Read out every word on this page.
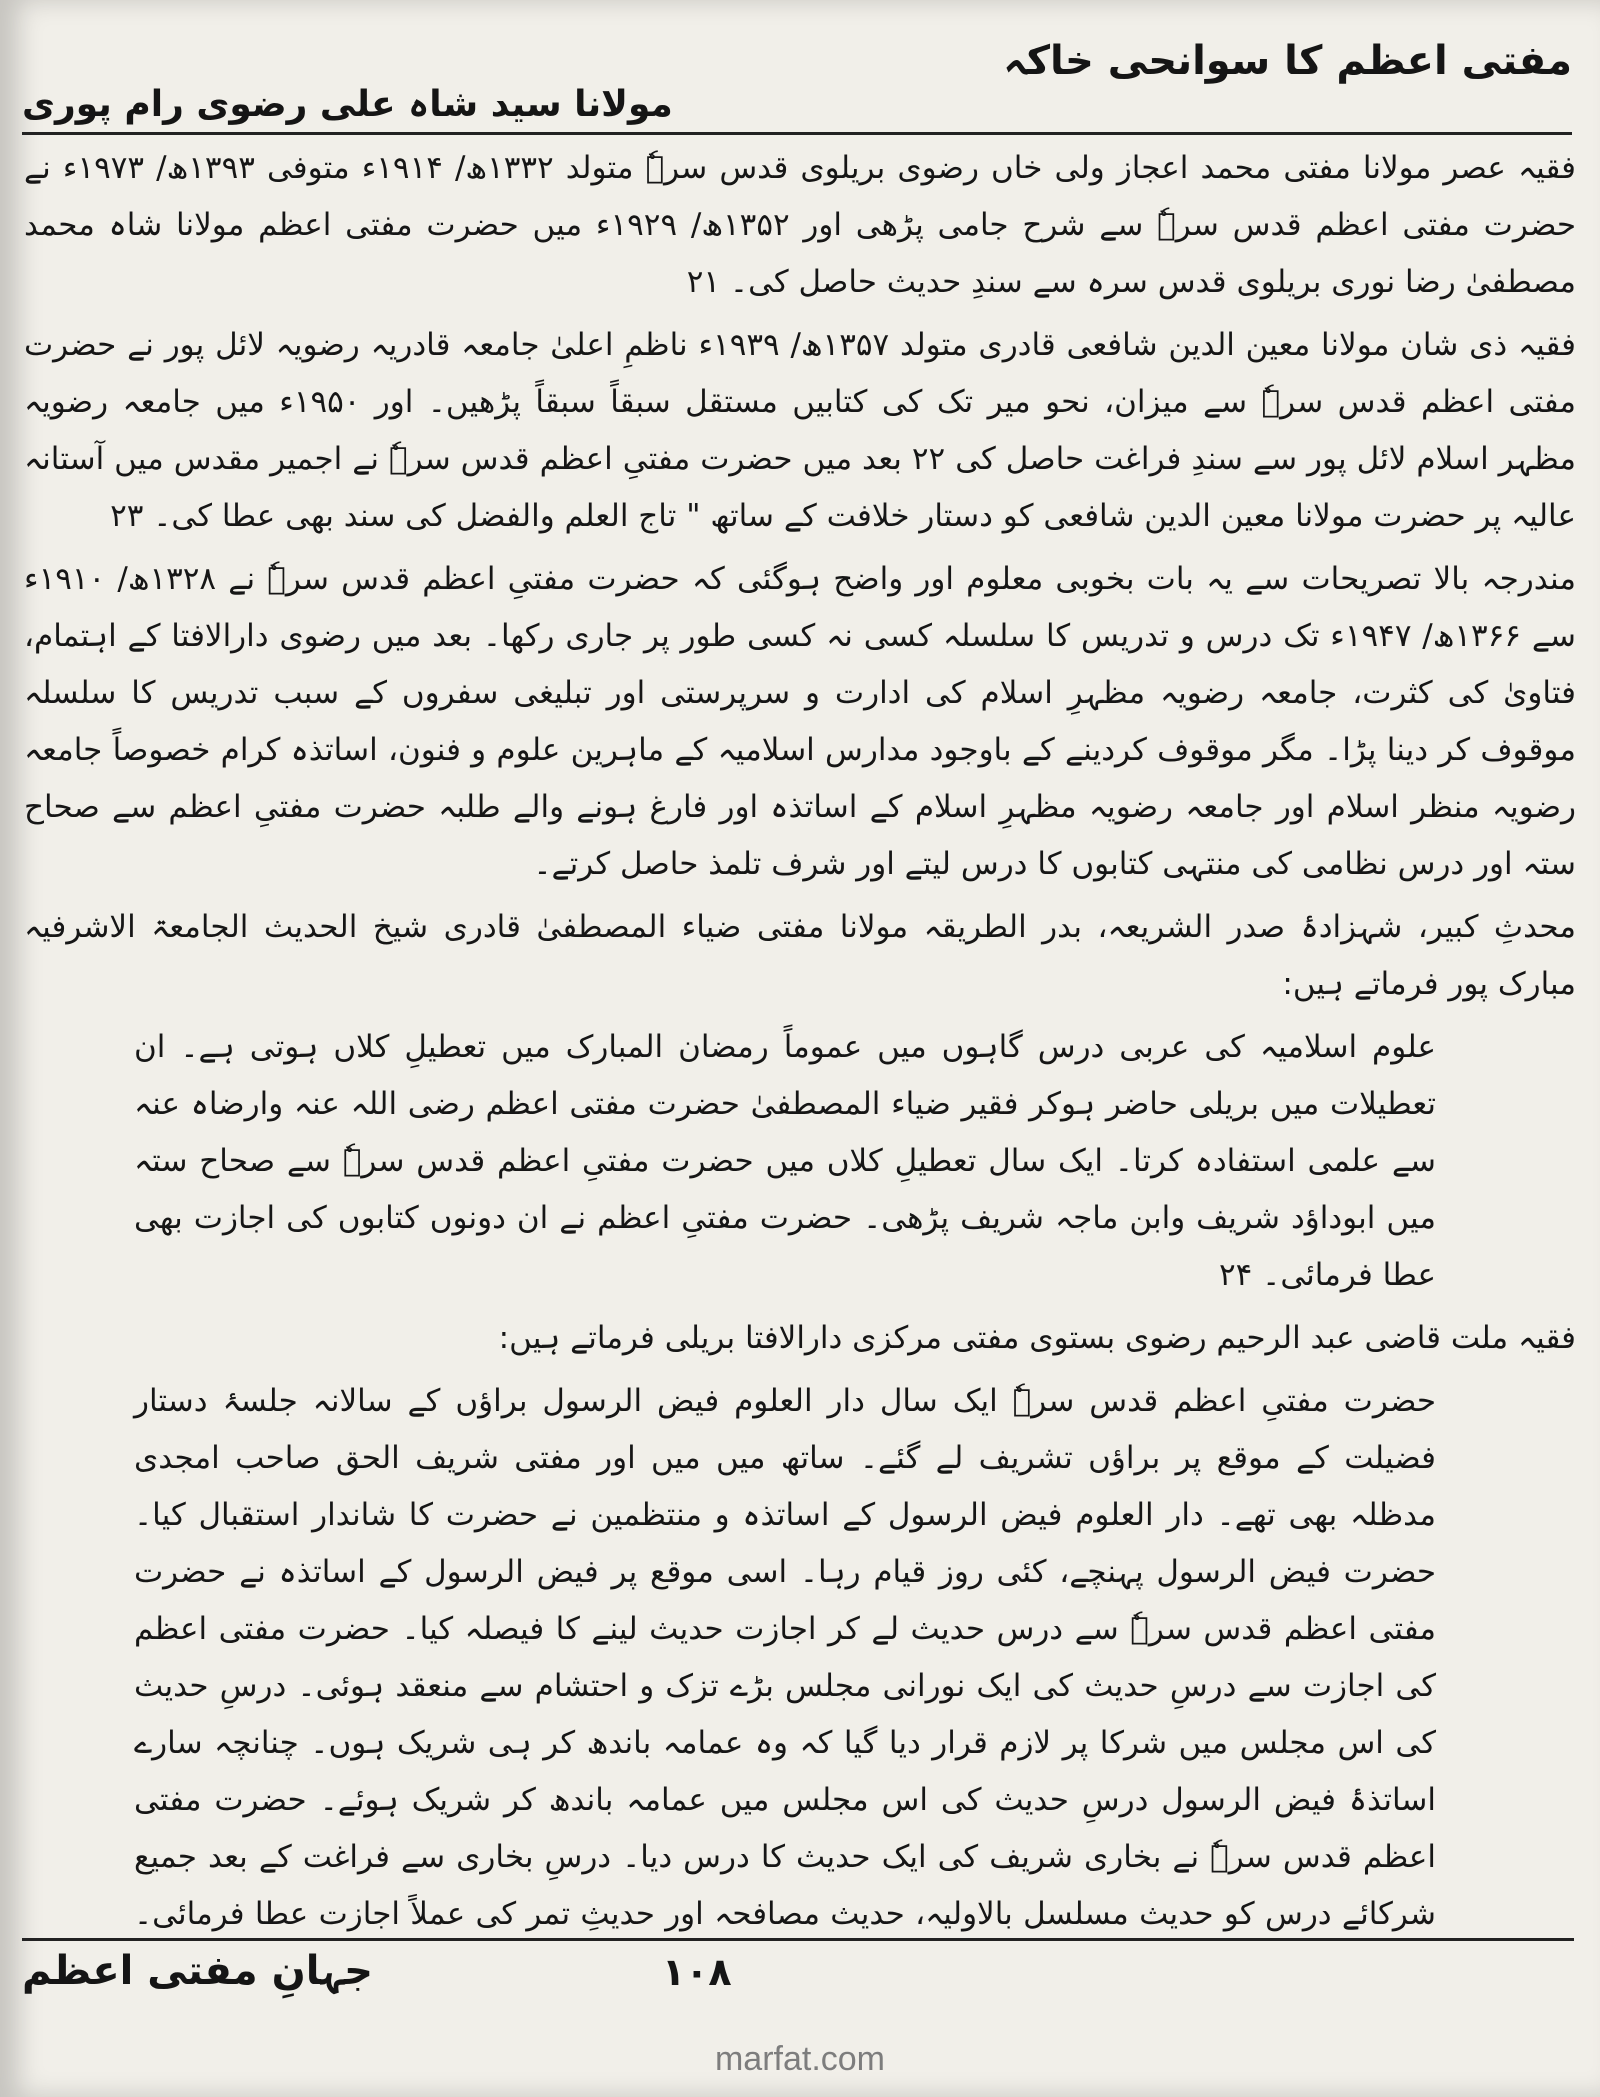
مفتی اعظم کا سوانحی خاکہ
مولانا سید شاہ علی رضوی رام پوری

فقیہ عصر مولانا مفتی محمد اعجاز ولی خاں رضوی بریلوی قدس سرہٗ متولد ۱۳۳۲ھ/ ۱۹۱۴ء متوفی ۱۳۹۳ھ/ ۱۹۷۳ء نے حضرت مفتی اعظم قدس سرہٗ سے شرح جامی پڑھی اور ۱۳۵۲ھ/ ۱۹۲۹ء میں حضرت مفتی اعظم مولانا شاہ محمد مصطفیٰ رضا نوری بریلوی قدس سرہ سے سندِ حدیث حاصل کی۔ ۲۱

فقیہ ذی شان مولانا معین الدین شافعی قادری متولد ۱۳۵۷ھ/ ۱۹۳۹ء ناظمِ اعلیٰ جامعہ قادریہ رضویہ لائل پور نے حضرت مفتی اعظم قدس سرہٗ سے میزان، نحو میر تک کی کتابیں مستقل سبقاً سبقاً پڑھیں۔ اور ۱۹۵۰ء میں جامعہ رضویہ مظہر اسلام لائل پور سے سندِ فراغت حاصل کی ۲۲ بعد میں حضرت مفتیِ اعظم قدس سرہٗ نے اجمیر مقدس میں آستانہ عالیہ پر حضرت مولانا معین الدین شافعی کو دستار خلافت کے ساتھ " تاج العلم والفضل کی سند بھی عطا کی۔ ۲۳

مندرجہ بالا تصریحات سے یہ بات بخوبی معلوم اور واضح ہوگئی کہ حضرت مفتیِ اعظم قدس سرہٗ نے ۱۳۲۸ھ/ ۱۹۱۰ء سے ۱۳۶۶ھ/ ۱۹۴۷ء تک درس و تدریس کا سلسلہ کسی نہ کسی طور پر جاری رکھا۔ بعد میں رضوی دارالافتا کے اہتمام، فتاویٰ کی کثرت، جامعہ رضویہ مظہرِ اسلام کی ادارت و سرپرستی اور تبلیغی سفروں کے سبب تدریس کا سلسلہ موقوف کر دینا پڑا۔ مگر موقوف کردینے کے باوجود مدارس اسلامیہ کے ماہرین علوم و فنون، اساتذہ کرام خصوصاً جامعہ رضویہ منظر اسلام اور جامعہ رضویہ مظہرِ اسلام کے اساتذہ اور فارغ ہونے والے طلبہ حضرت مفتیِ اعظم سے صحاح ستہ اور درس نظامی کی منتہی کتابوں کا درس لیتے اور شرف تلمذ حاصل کرتے۔

محدثِ کبیر، شہزادۂ صدر الشریعہ، بدر الطریقہ مولانا مفتی ضیاء المصطفیٰ قادری شیخ الحدیث الجامعۃ الاشرفیہ مبارک پور فرماتے ہیں:

علوم اسلامیہ کی عربی درس گاہوں میں عموماً رمضان المبارک میں تعطیلِ کلاں ہوتی ہے۔ ان تعطیلات میں بریلی حاضر ہوکر فقیر ضیاء المصطفیٰ حضرت مفتی اعظم رضی اللہ عنہ وارضاہ عنہ سے علمی استفادہ کرتا۔ ایک سال تعطیلِ کلاں میں حضرت مفتیِ اعظم قدس سرہٗ سے صحاح ستہ میں ابوداؤد شریف وابن ماجہ شریف پڑھی۔ حضرت مفتیِ اعظم نے ان دونوں کتابوں کی اجازت بھی عطا فرمائی۔ ۲۴

فقیہ ملت قاضی عبد الرحیم رضوی بستوی مفتی مرکزی دارالافتا بریلی فرماتے ہیں:

حضرت مفتیِ اعظم قدس سرہٗ ایک سال دار العلوم فیض الرسول براؤں کے سالانہ جلسۂ دستار فضیلت کے موقع پر براؤں تشریف لے گئے۔ ساتھ میں میں اور مفتی شریف الحق صاحب امجدی مدظلہ بھی تھے۔ دار العلوم فیض الرسول کے اساتذہ و منتظمین نے حضرت کا شاندار استقبال کیا۔ حضرت فیض الرسول پہنچے، کئی روز قیام رہا۔ اسی موقع پر فیض الرسول کے اساتذہ نے حضرت مفتی اعظم قدس سرہٗ سے درس حدیث لے کر اجازت حدیث لینے کا فیصلہ کیا۔ حضرت مفتی اعظم کی اجازت سے درسِ حدیث کی ایک نورانی مجلس بڑے تزک و احتشام سے منعقد ہوئی۔ درسِ حدیث کی اس مجلس میں شرکا پر لازم قرار دیا گیا کہ وہ عمامہ باندھ کر ہی شریک ہوں۔ چنانچہ سارے اساتذۂ فیض الرسول درسِ حدیث کی اس مجلس میں عمامہ باندھ کر شریک ہوئے۔ حضرت مفتی اعظم قدس سرہٗ نے بخاری شریف کی ایک حدیث کا درس دیا۔ درسِ بخاری سے فراغت کے بعد جمیع شرکائے درس کو حدیث مسلسل بالاولیہ، حدیث مصافحہ اور حدیثِ تمر کی عملاً اجازت عطا فرمائی۔

۱۰۸
جہانِ مفتی اعظم
marfat.com
